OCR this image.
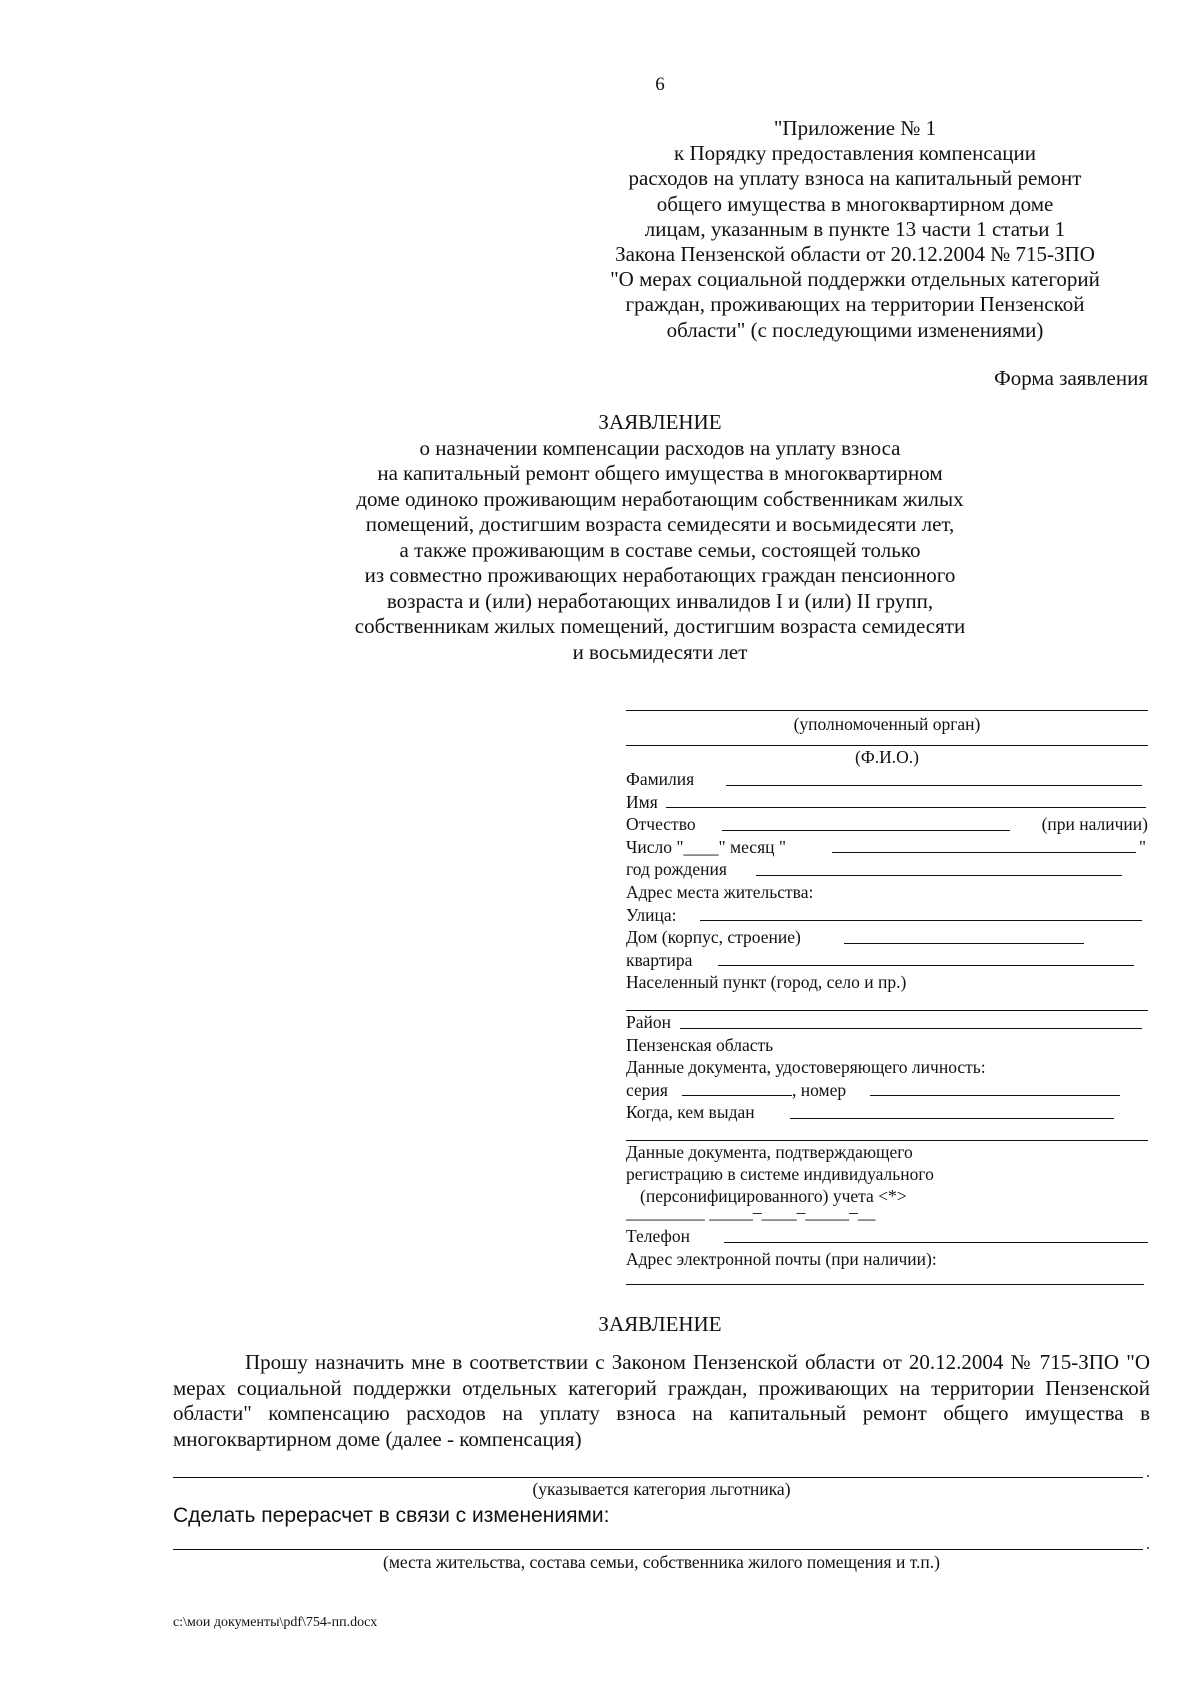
6
"Приложение № 1
к Порядку предоставления компенсации
расходов на уплату взноса на капитальный ремонт
общего имущества в многоквартирном доме
лицам, указанным в пункте 13 части 1 статьи 1
Закона Пензенской области от 20.12.2004 № 715-ЗПО
"О мерах социальной поддержки отдельных категорий
граждан, проживающих на территории Пензенской
области" (с последующими изменениями)
Форма заявления
ЗАЯВЛЕНИЕ
о назначении компенсации расходов на уплату взноса
на капитальный ремонт общего имущества в многоквартирном
доме одиноко проживающим неработающим собственникам жилых
помещений, достигшим возраста семидесяти и восьмидесяти лет,
а также проживающим в составе семьи, состоящей только
из совместно проживающих неработающих граждан пенсионного
возраста и (или) неработающих инвалидов I и (или) II групп,
собственникам жилых помещений, достигшим возраста семидесяти
и восьмидесяти лет
(уполномоченный орган)
(Ф.И.О.)
Фамилия
Имя
Отчество	(при наличии)
Число "____" месяц "	"
год рождения
Адрес места жительства:
Улица:
Дом (корпус, строение)
квартира
Населенный пункт (город, село и пр.)
Район
Пензенская область
Данные документа, удостоверяющего личность:
серия	, номер
Когда, кем выдан
Данные документа, подтверждающего
регистрацию в системе индивидуального
(персонифицированного) учета <*>
_________ _____–____–_____–__
Телефон
Адрес электронной почты (при наличии):
ЗАЯВЛЕНИЕ

Прошу назначить мне в соответствии с Законом Пензенской области от 20.12.2004 № 715-ЗПО "О мерах социальной поддержки отдельных категорий граждан, проживающих на территории Пензенской области" компенсацию расходов на уплату взноса на капитальный ремонт общего имущества в многоквартирном доме (далее - компенсация)

.
(указывается категория льготника)
Сделать перерасчет в связи с изменениями:
.
(места жительства, состава семьи, собственника жилого помещения и т.п.)
c:\мои документы\pdf\754-пп.docx
